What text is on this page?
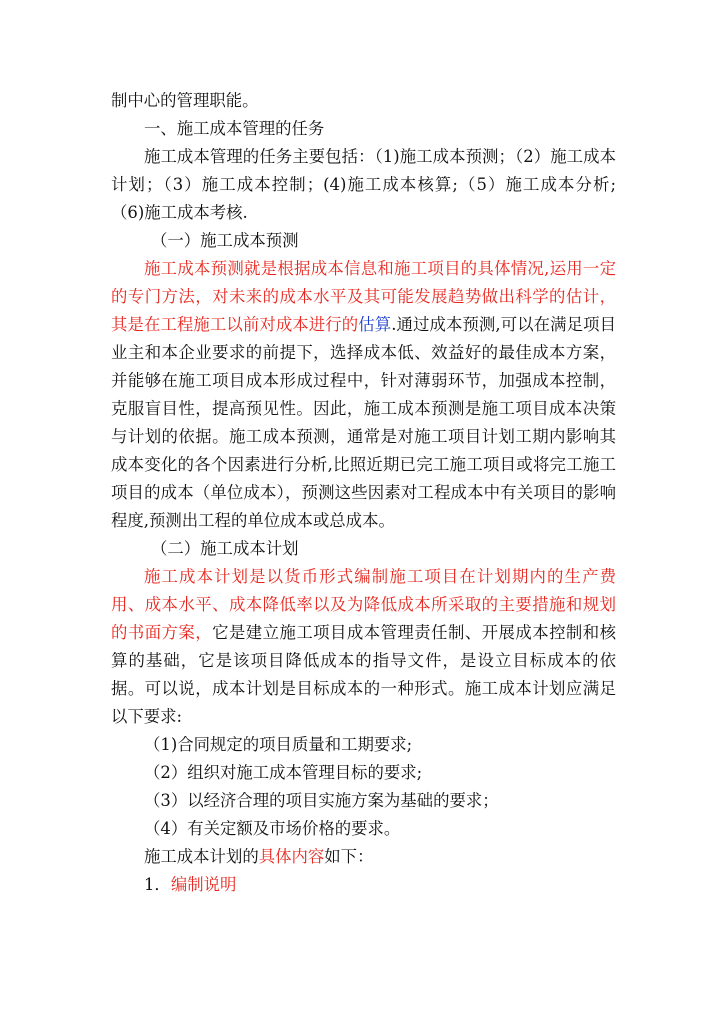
制中心的管理职能。

一、施工成本管理的任务

施工成本管理的任务主要包括：（1)施工成本预测；（2）施工成本计划；（3）施工成本控制；(4)施工成本核算;（5）施工成本分析;（6)施工成本考核.

（一）施工成本预测

施工成本预测就是根据成本信息和施工项目的具体情况,运用一定的专门方法，对未来的成本水平及其可能发展趋势做出科学的估计，其是在工程施工以前对成本进行的估算.通过成本预测,可以在满足项目业主和本企业要求的前提下，选择成本低、效益好的最佳成本方案，并能够在施工项目成本形成过程中，针对薄弱环节，加强成本控制，克服盲目性，提高预见性。因此，施工成本预测是施工项目成本决策与计划的依据。施工成本预测，通常是对施工项目计划工期内影响其成本变化的各个因素进行分析,比照近期已完工施工项目或将完工施工项目的成本（单位成本），预测这些因素对工程成本中有关项目的影响程度,预测出工程的单位成本或总成本。

（二）施工成本计划

施工成本计划是以货币形式编制施工项目在计划期内的生产费用、成本水平、成本降低率以及为降低成本所采取的主要措施和规划的书面方案，它是建立施工项目成本管理责任制、开展成本控制和核算的基础，它是该项目降低成本的指导文件，是设立目标成本的依据。可以说，成本计划是目标成本的一种形式。施工成本计划应满足以下要求:

（1)合同规定的项目质量和工期要求;

（2）组织对施工成本管理目标的要求;

（3）以经济合理的项目实施方案为基础的要求；

（4）有关定额及市场价格的要求。

施工成本计划的具体内容如下：

1．编制说明
